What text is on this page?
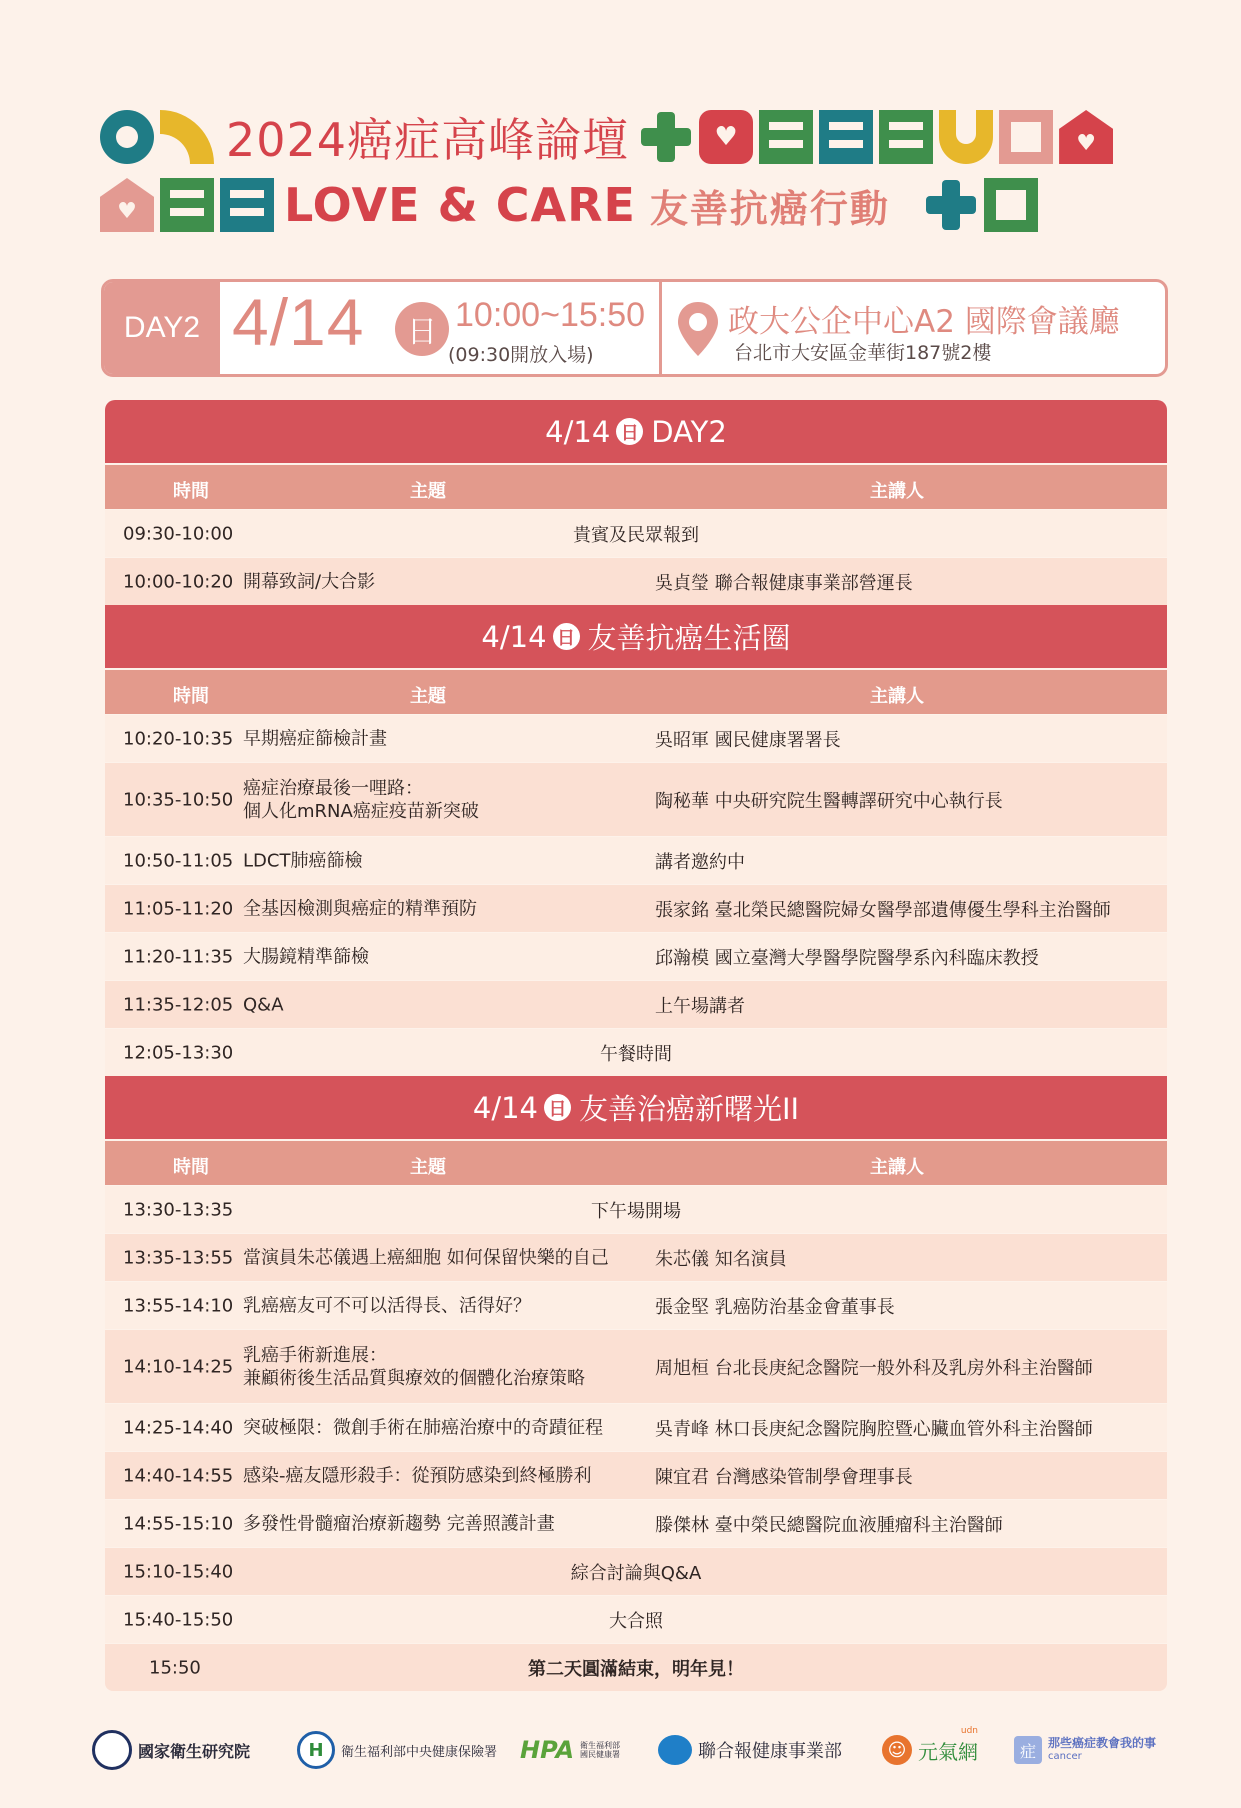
2024癌症高峰論壇
♥
♥
♥
LOVE & CARE 友善抗癌行動
DAY2 4/14	日 10:00~15:50
(09:30開放入場)
政大公企中心A2 國際會議廳
台北市大安區金華街187號2樓
4/14 日 DAY2
時間	主題	主講人
09:30-10:00	貴賓及民眾報到
10:00-10:20 開幕致詞/大合影	吳貞瑩 聯合報健康事業部營運長
4/14 日 友善抗癌生活圈
時間	主題	主講人
10:20-10:35 早期癌症篩檢計畫	吳昭軍 國民健康署署長
10:35-10:50
癌症治療最後一哩路：
個人化mRNA癌症疫苗新突破	陶秘華 中央研究院生醫轉譯研究中心執行長
10:50-11:05 LDCT肺癌篩檢	講者邀約中
11:05-11:20 全基因檢測與癌症的精準預防	張家銘 臺北榮民總醫院婦女醫學部遺傳優生學科主治醫師
11:20-11:35 大腸鏡精準篩檢	邱瀚模 國立臺灣大學醫學院醫學系內科臨床教授
11:35-12:05 Q&A	上午場講者
12:05-13:30	午餐時間
4/14 日 友善治癌新曙光II
時間	主題	主講人
13:30-13:35	下午場開場
13:35-13:55 當演員朱芯儀遇上癌細胞 如何保留快樂的自己	朱芯儀 知名演員
13:55-14:10 乳癌癌友可不可以活得長、活得好？	張金堅 乳癌防治基金會董事長
14:10-14:25
乳癌手術新進展：
兼顧術後生活品質與療效的個體化治療策略	周旭桓 台北長庚紀念醫院一般外科及乳房外科主治醫師
14:25-14:40 突破極限：微創手術在肺癌治療中的奇蹟征程	吳青峰 林口長庚紀念醫院胸腔暨心臟血管外科主治醫師
14:40-14:55 感染-癌友隱形殺手：從預防感染到終極勝利	陳宜君 台灣感染管制學會理事長
14:55-15:10 多發性骨髓瘤治療新趨勢 完善照護計畫	滕傑林 臺中榮民總醫院血液腫瘤科主治醫師
15:10-15:40	綜合討論與Q&A
15:40-15:50	大合照
15:50	第二天圓滿結束，明年見！
國家衛生研究院	H	衛生福利部中央健康保險署 HPA 衛生福利部國民健康署	聯合報健康事業部	☺ 元氣網
udn
症	那些癌症教會我的事
cancer
